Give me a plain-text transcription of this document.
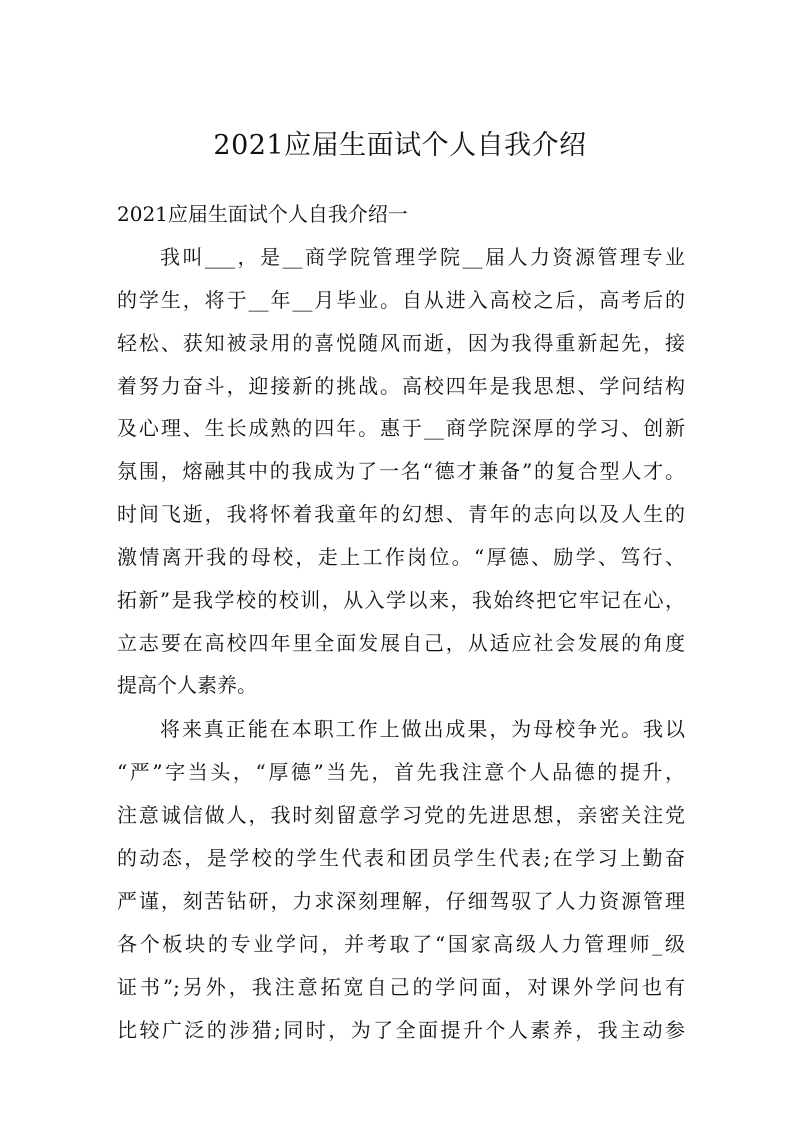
2021应届生面试个人自我介绍

2021应届生面试个人自我介绍一

我叫___，是__商学院管理学院__届人力资源管理专业

的学生，将于__年__月毕业。自从进入高校之后，高考后的

轻松、获知被录用的喜悦随风而逝，因为我得重新起先，接

着努力奋斗，迎接新的挑战。高校四年是我思想、学问结构

及心理、生长成熟的四年。惠于__商学院深厚的学习、创新

氛围，熔融其中的我成为了一名“德才兼备”的复合型人才。

时间飞逝，我将怀着我童年的幻想、青年的志向以及人生的

激情离开我的母校，走上工作岗位。“厚德、励学、笃行、

拓新”是我学校的校训，从入学以来，我始终把它牢记在心，

立志要在高校四年里全面发展自己，从适应社会发展的角度

提高个人素养。

将来真正能在本职工作上做出成果，为母校争光。我以

“严”字当头，“厚德”当先，首先我注意个人品德的提升，

注意诚信做人，我时刻留意学习党的先进思想，亲密关注党

的动态，是学校的学生代表和团员学生代表;在学习上勤奋

严谨，刻苦钻研，力求深刻理解，仔细驾驭了人力资源管理

各个板块的专业学问，并考取了“国家高级人力管理师_级

证书”;另外，我注意拓宽自己的学问面，对课外学问也有

比较广泛的涉猎;同时，为了全面提升个人素养，我主动参
